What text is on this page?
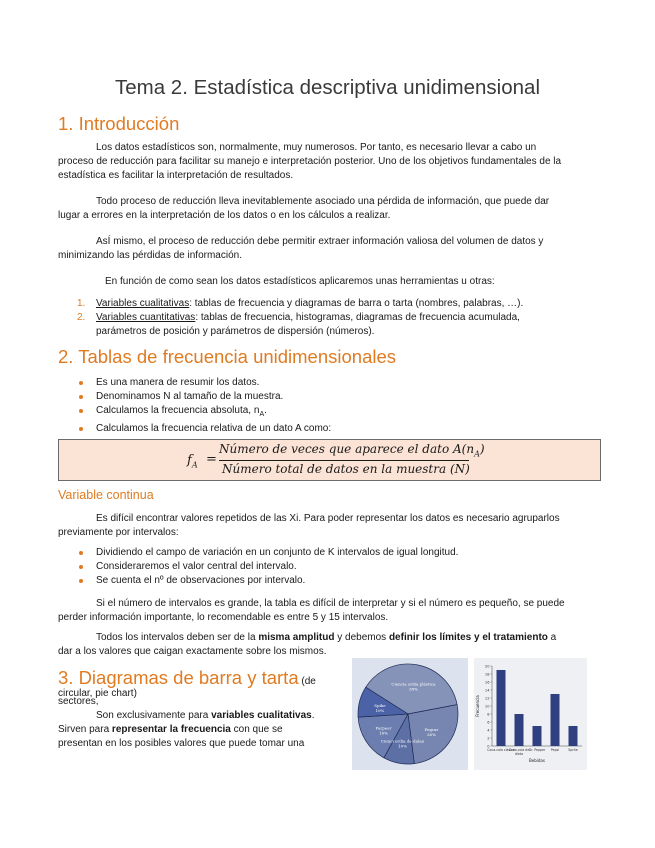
Tema 2. Estadística descriptiva unidimensional
1. Introducción

Los datos estadísticos son, normalmente, muy numerosos. Por tanto, es necesario llevar a cabo un
proceso de reducción para facilitar su manejo e interpretación posterior. Uno de los objetivos fundamentales de la
estadística es facilitar la interpretación de resultados.

Todo proceso de reducción lleva inevitablemente asociado una pérdida de información, que puede dar
lugar a errores en la interpretación de los datos o en los cálculos a realizar.

AsÍ mismo, el proceso de reducción debe permitir extraer información valiosa del volumen de datos y
minimizando las pérdidas de información.

En función de como sean los datos estadísticos aplicaremos unas herramientas u otras:

1. Variables cualitativas: tablas de frecuencia y diagramas de barra o tarta (nombres, palabras, …).
2. Variables cuantitativas: tablas de frecuencia, histogramas, diagramas de frecuencia acumulada,
parámetros de posición y parámetros de dispersión (números).
2. Tablas de frecuencia unidimensionales
Es una manera de resumir los datos.
Denominamos N al tamaño de la muestra.
Calculamos la frecuencia absoluta, $n_A$.
Calculamos la frecuencia relativa de un dato A como:
$f_A$ =
Número de veces que aparece el dato $A(n_A)$
Número total de datos en la muestra (N)
Variable continua

Es difícil encontrar valores repetidos de las Xi. Para poder representar los datos es necesario agruparlos
previamente por intervalos:

Dividiendo el campo de variación en un conjunto de K intervalos de igual longitud.
Consideraremos el valor central del intervalo.
Se cuenta el nº de observaciones por intervalo.

Si el número de intervalos es grande, la tabla es difícil de interpretar y si el número es pequeño, se puede
perder información importante, lo recomendable es entre 5 y 15 intervalos.

Todos los intervalos deben ser de la misma amplitud y debemos definir los límites y el tratamiento a
dar a los valores que caigan exactamente sobre los mismos.

3. Diagramas de barra y tarta (de sectores,
circular, pie chart)

Son exclusivamente para variables cualitativas.
Sirven para representar la frecuencia con que se
presentan en los posibles valores que puede tomar una

Ciencia ordia plástica
38%
Pegrar
26%
Cienci ordia de dalan
10%
Parpeer
16%
Spike
10%
0
2
4
6
8
10
12
14
16
18
20
Coca-cola clásica
Coca-cola de
dieta
Dr. Pepper Pepsi	Sprite
Bebidas
Frecuencia
